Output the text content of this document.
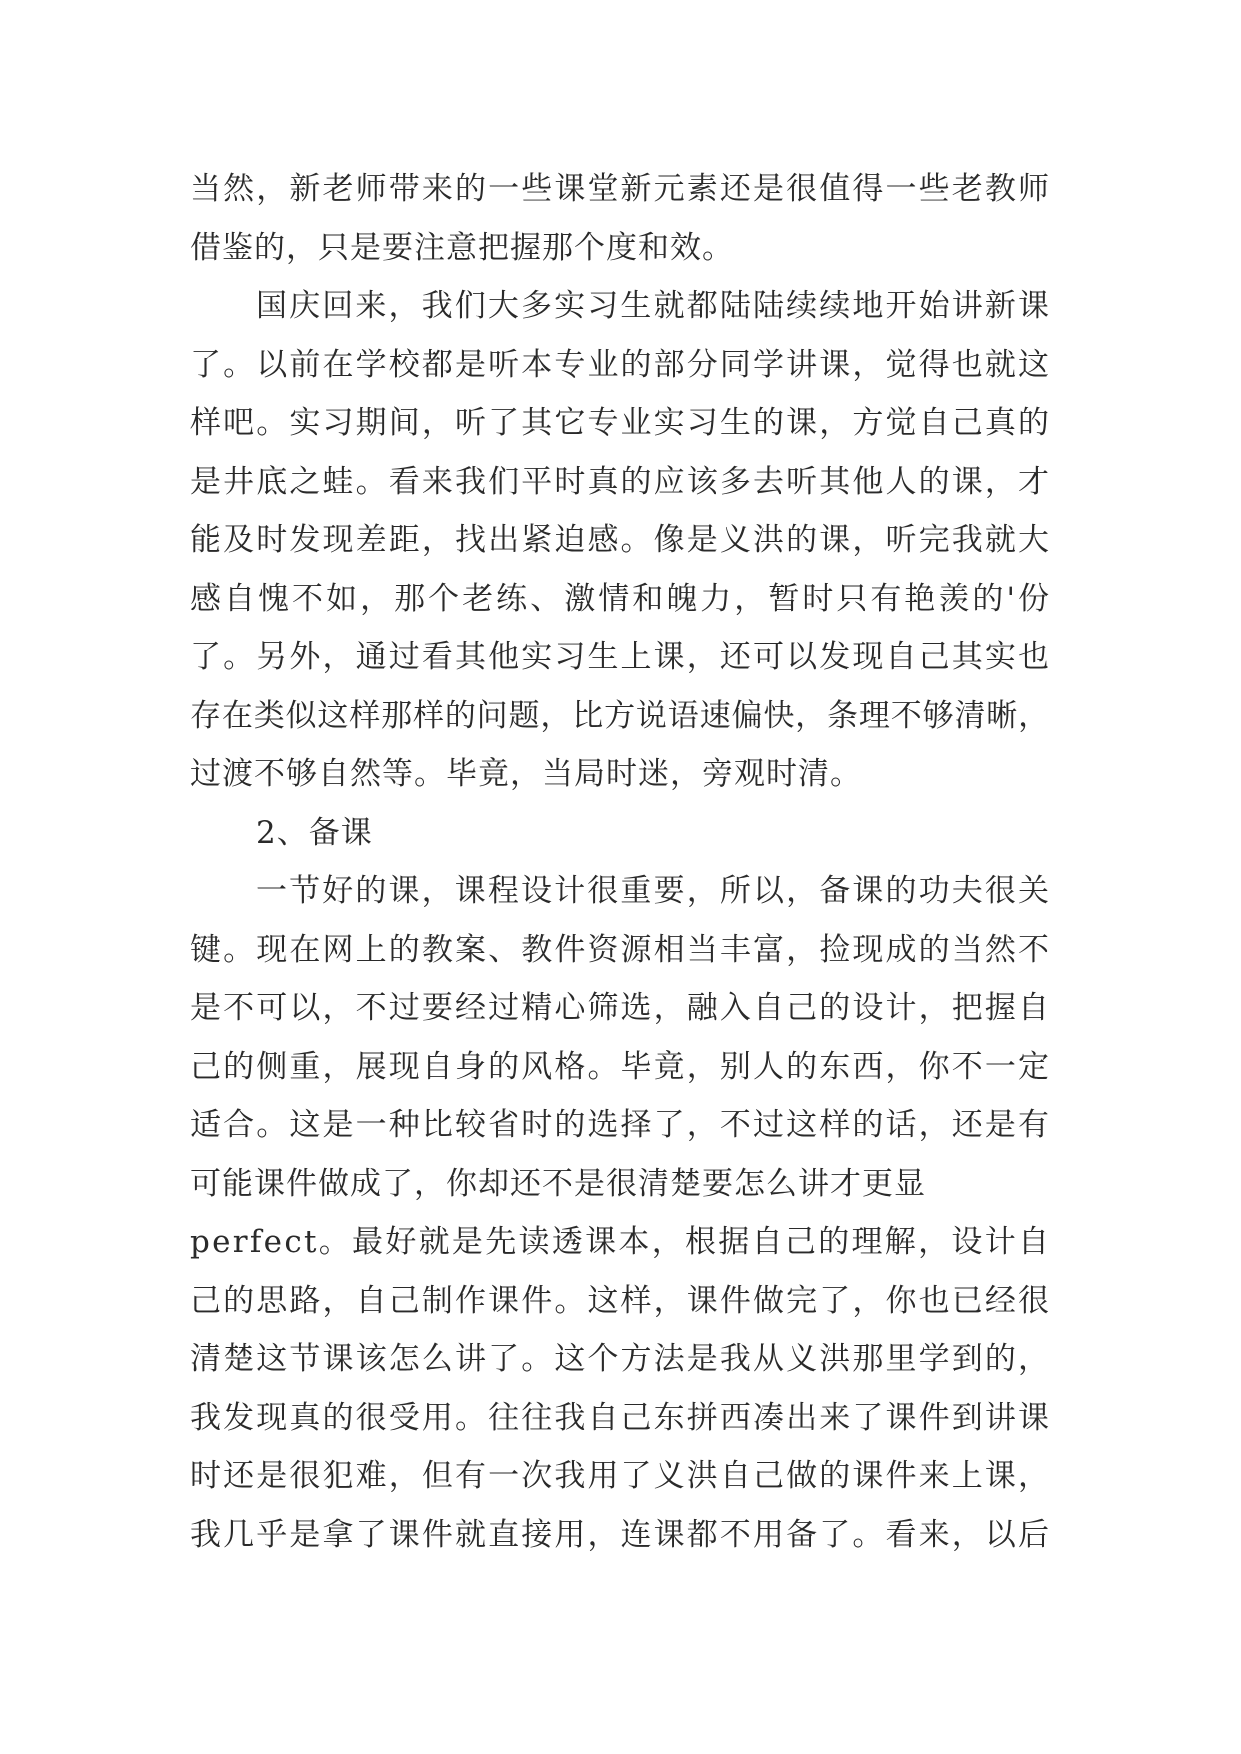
当然，新老师带来的一些课堂新元素还是很值得一些老教师
借鉴的，只是要注意把握那个度和效。
国庆回来，我们大多实习生就都陆陆续续地开始讲新课
了。以前在学校都是听本专业的部分同学讲课，觉得也就这
样吧。实习期间，听了其它专业实习生的课，方觉自己真的
是井底之蛙。看来我们平时真的应该多去听其他人的课，才
能及时发现差距，找出紧迫感。像是义洪的课，听完我就大
感自愧不如，那个老练、激情和魄力，暂时只有艳羡的'份
了。另外，通过看其他实习生上课，还可以发现自己其实也
存在类似这样那样的问题，比方说语速偏快，条理不够清晰，
过渡不够自然等。毕竟，当局时迷，旁观时清。
2、备课
一节好的课，课程设计很重要，所以，备课的功夫很关
键。现在网上的教案、教件资源相当丰富，捡现成的当然不
是不可以，不过要经过精心筛选，融入自己的设计，把握自
己的侧重，展现自身的风格。毕竟，别人的东西，你不一定
适合。这是一种比较省时的选择了，不过这样的话，还是有
可能课件做成了，你却还不是很清楚要怎么讲才更显
perfect。最好就是先读透课本，根据自己的理解，设计自
己的思路，自己制作课件。这样，课件做完了，你也已经很
清楚这节课该怎么讲了。这个方法是我从义洪那里学到的，
我发现真的很受用。往往我自己东拼西凑出来了课件到讲课
时还是很犯难，但有一次我用了义洪自己做的课件来上课，
我几乎是拿了课件就直接用，连课都不用备了。看来，以后
